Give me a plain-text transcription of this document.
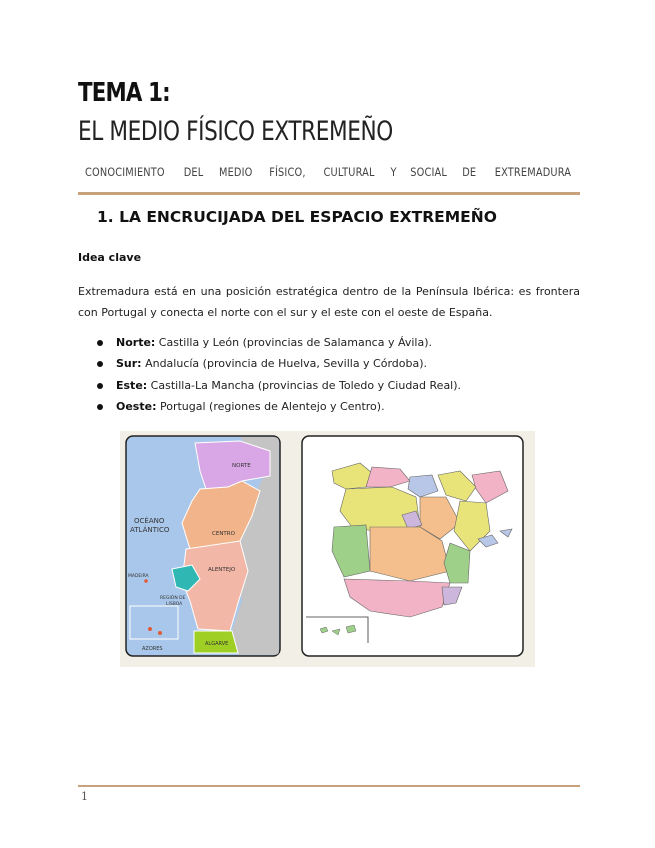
TEMA 1:
EL MEDIO FÍSICO EXTREMEÑO
CONOCIMIENTO DEL MEDIO FÍSICO, CULTURAL Y SOCIAL DE EXTREMADURA
1. LA ENCRUCIJADA DEL ESPACIO EXTREMEÑO
Idea clave

Extremadura está en una posición estratégica dentro de la Península Ibérica: es frontera con Portugal y conecta el norte con el sur y el este con el oeste de España.

Norte: Castilla y León (provincias de Salamanca y Ávila).
Sur: Andalucía (provincia de Huelva, Sevilla y Córdoba).
Este: Castilla-La Mancha (provincias de Toledo y Ciudad Real).
Oeste: Portugal (regiones de Alentejo y Centro).
NORTE
CENTRO
ALENTEJO
OCÉANO
ATLÁNTICO
MADEIRA
REGIÓN DE
LISBOA
ALGARVE
AZORES
1
